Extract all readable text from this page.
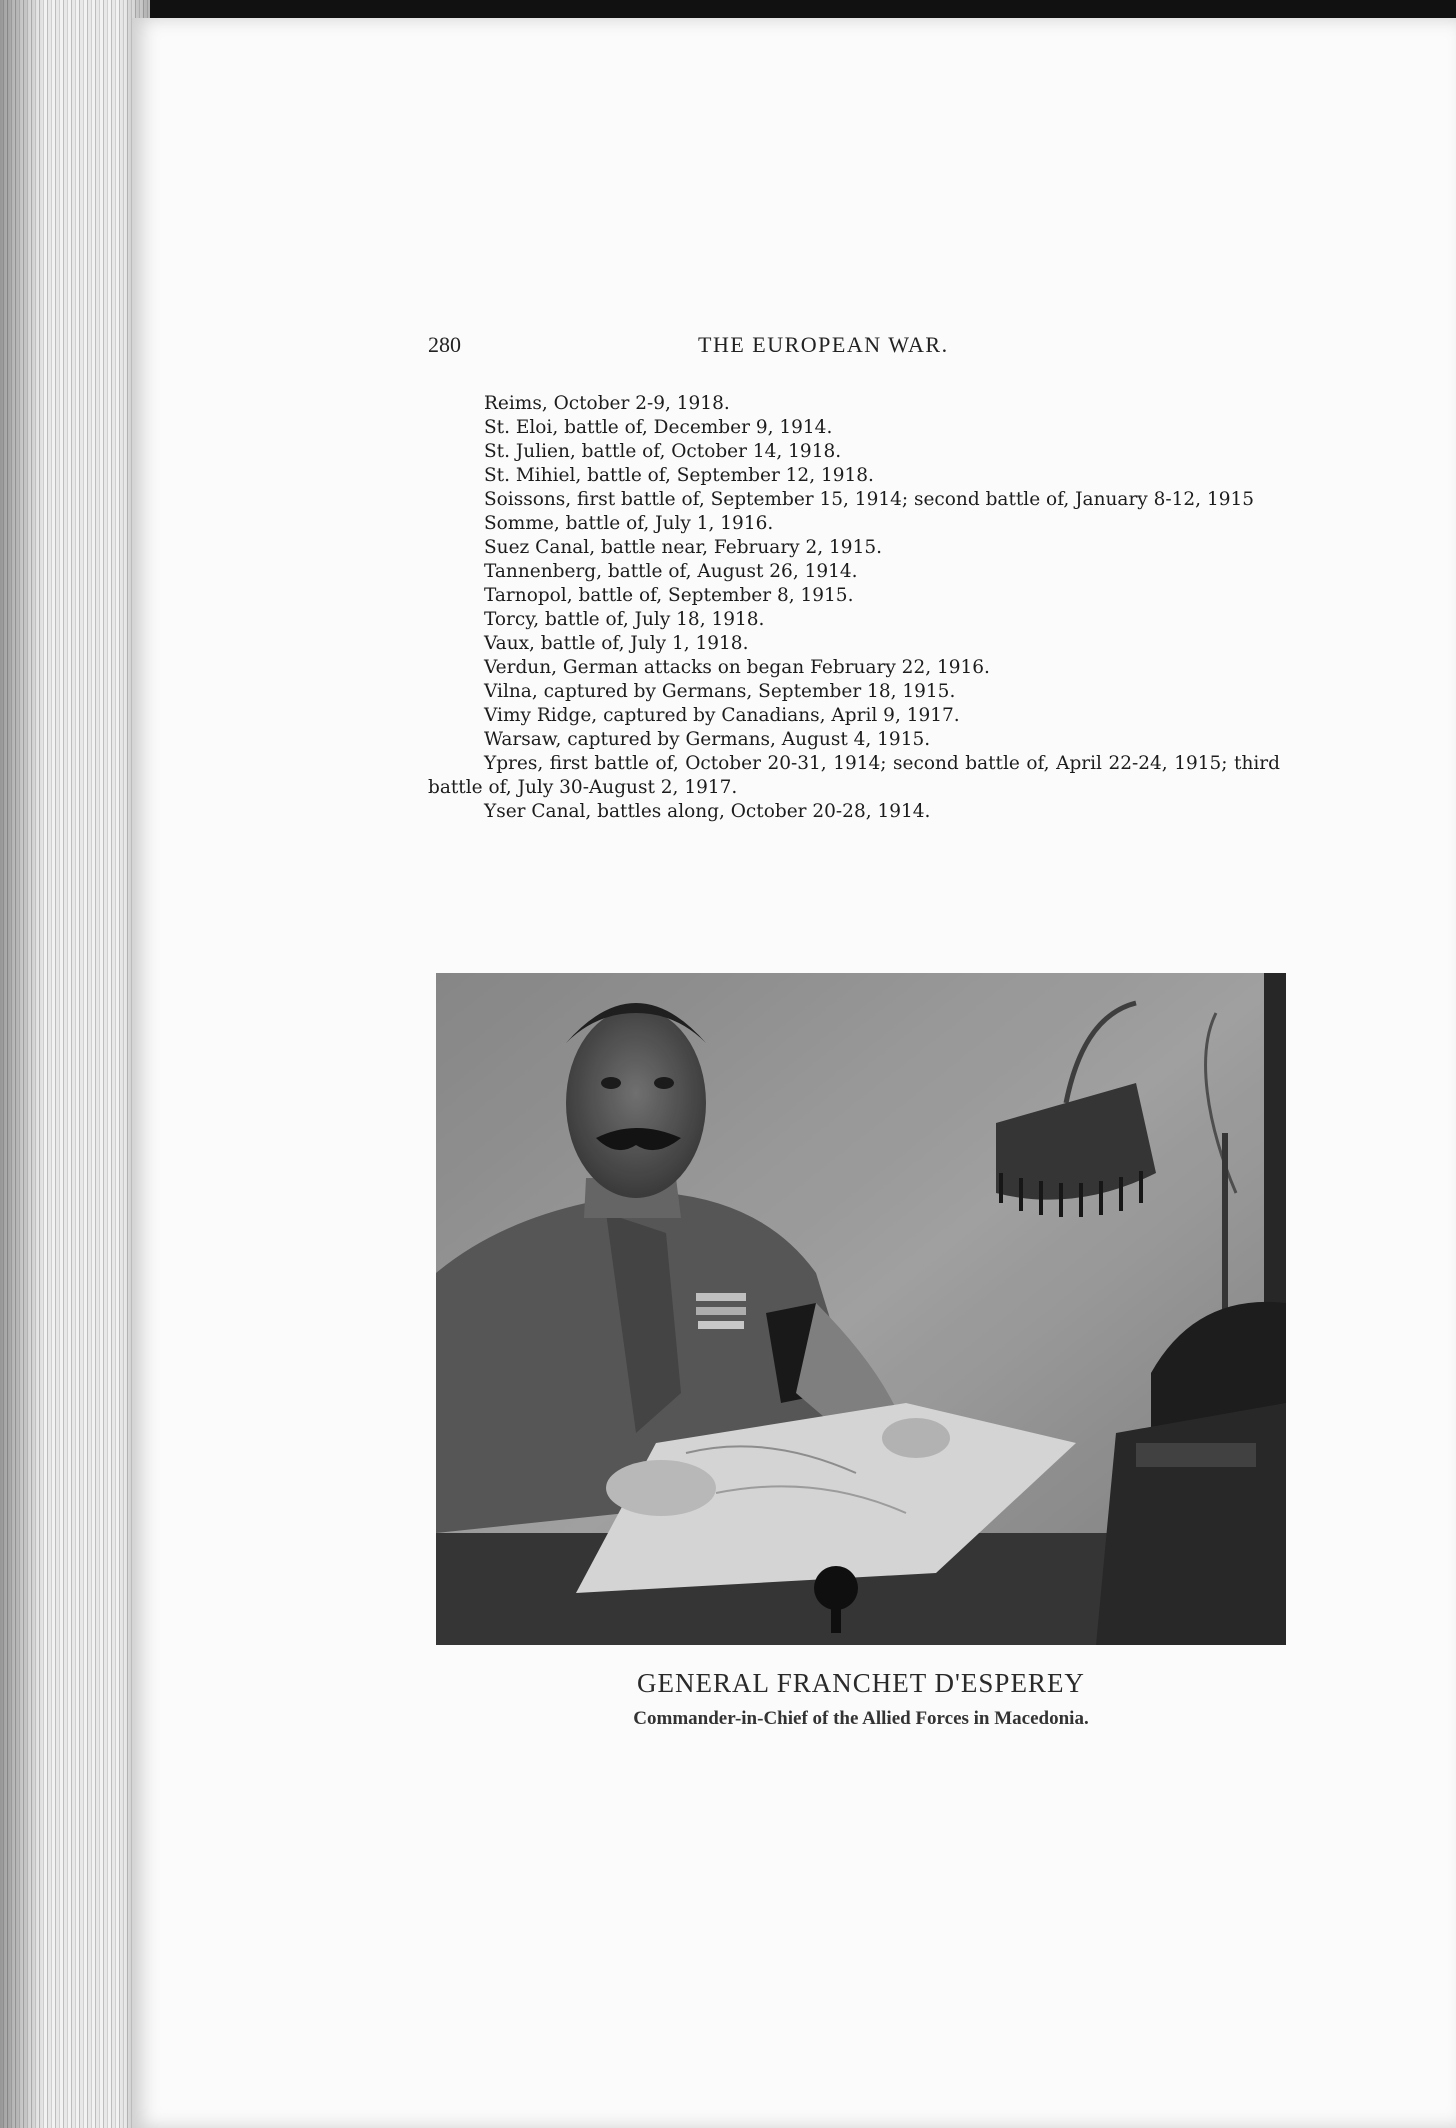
280	THE EUROPEAN WAR.
Reims, October 2-9, 1918.
St. Eloi, battle of, December 9, 1914.
St. Julien, battle of, October 14, 1918.
St. Mihiel, battle of, September 12, 1918.
Soissons, first battle of, September 15, 1914; second battle of, January 8-12, 1915
Somme, battle of, July 1, 1916.
Suez Canal, battle near, February 2, 1915.
Tannenberg, battle of, August 26, 1914.
Tarnopol, battle of, September 8, 1915.
Torcy, battle of, July 18, 1918.
Vaux, battle of, July 1, 1918.
Verdun, German attacks on began February 22, 1916.
Vilna, captured by Germans, September 18, 1915.
Vimy Ridge, captured by Canadians, April 9, 1917.
Warsaw, captured by Germans, August 4, 1915.
Ypres, first battle of, October 20-31, 1914; second battle of, April 22-24, 1915; third battle of, July 30-August 2, 1917.
Yser Canal, battles along, October 20-28, 1914.
GENERAL FRANCHET D'ESPEREY
Commander-in-Chief of the Allied Forces in Macedonia.
